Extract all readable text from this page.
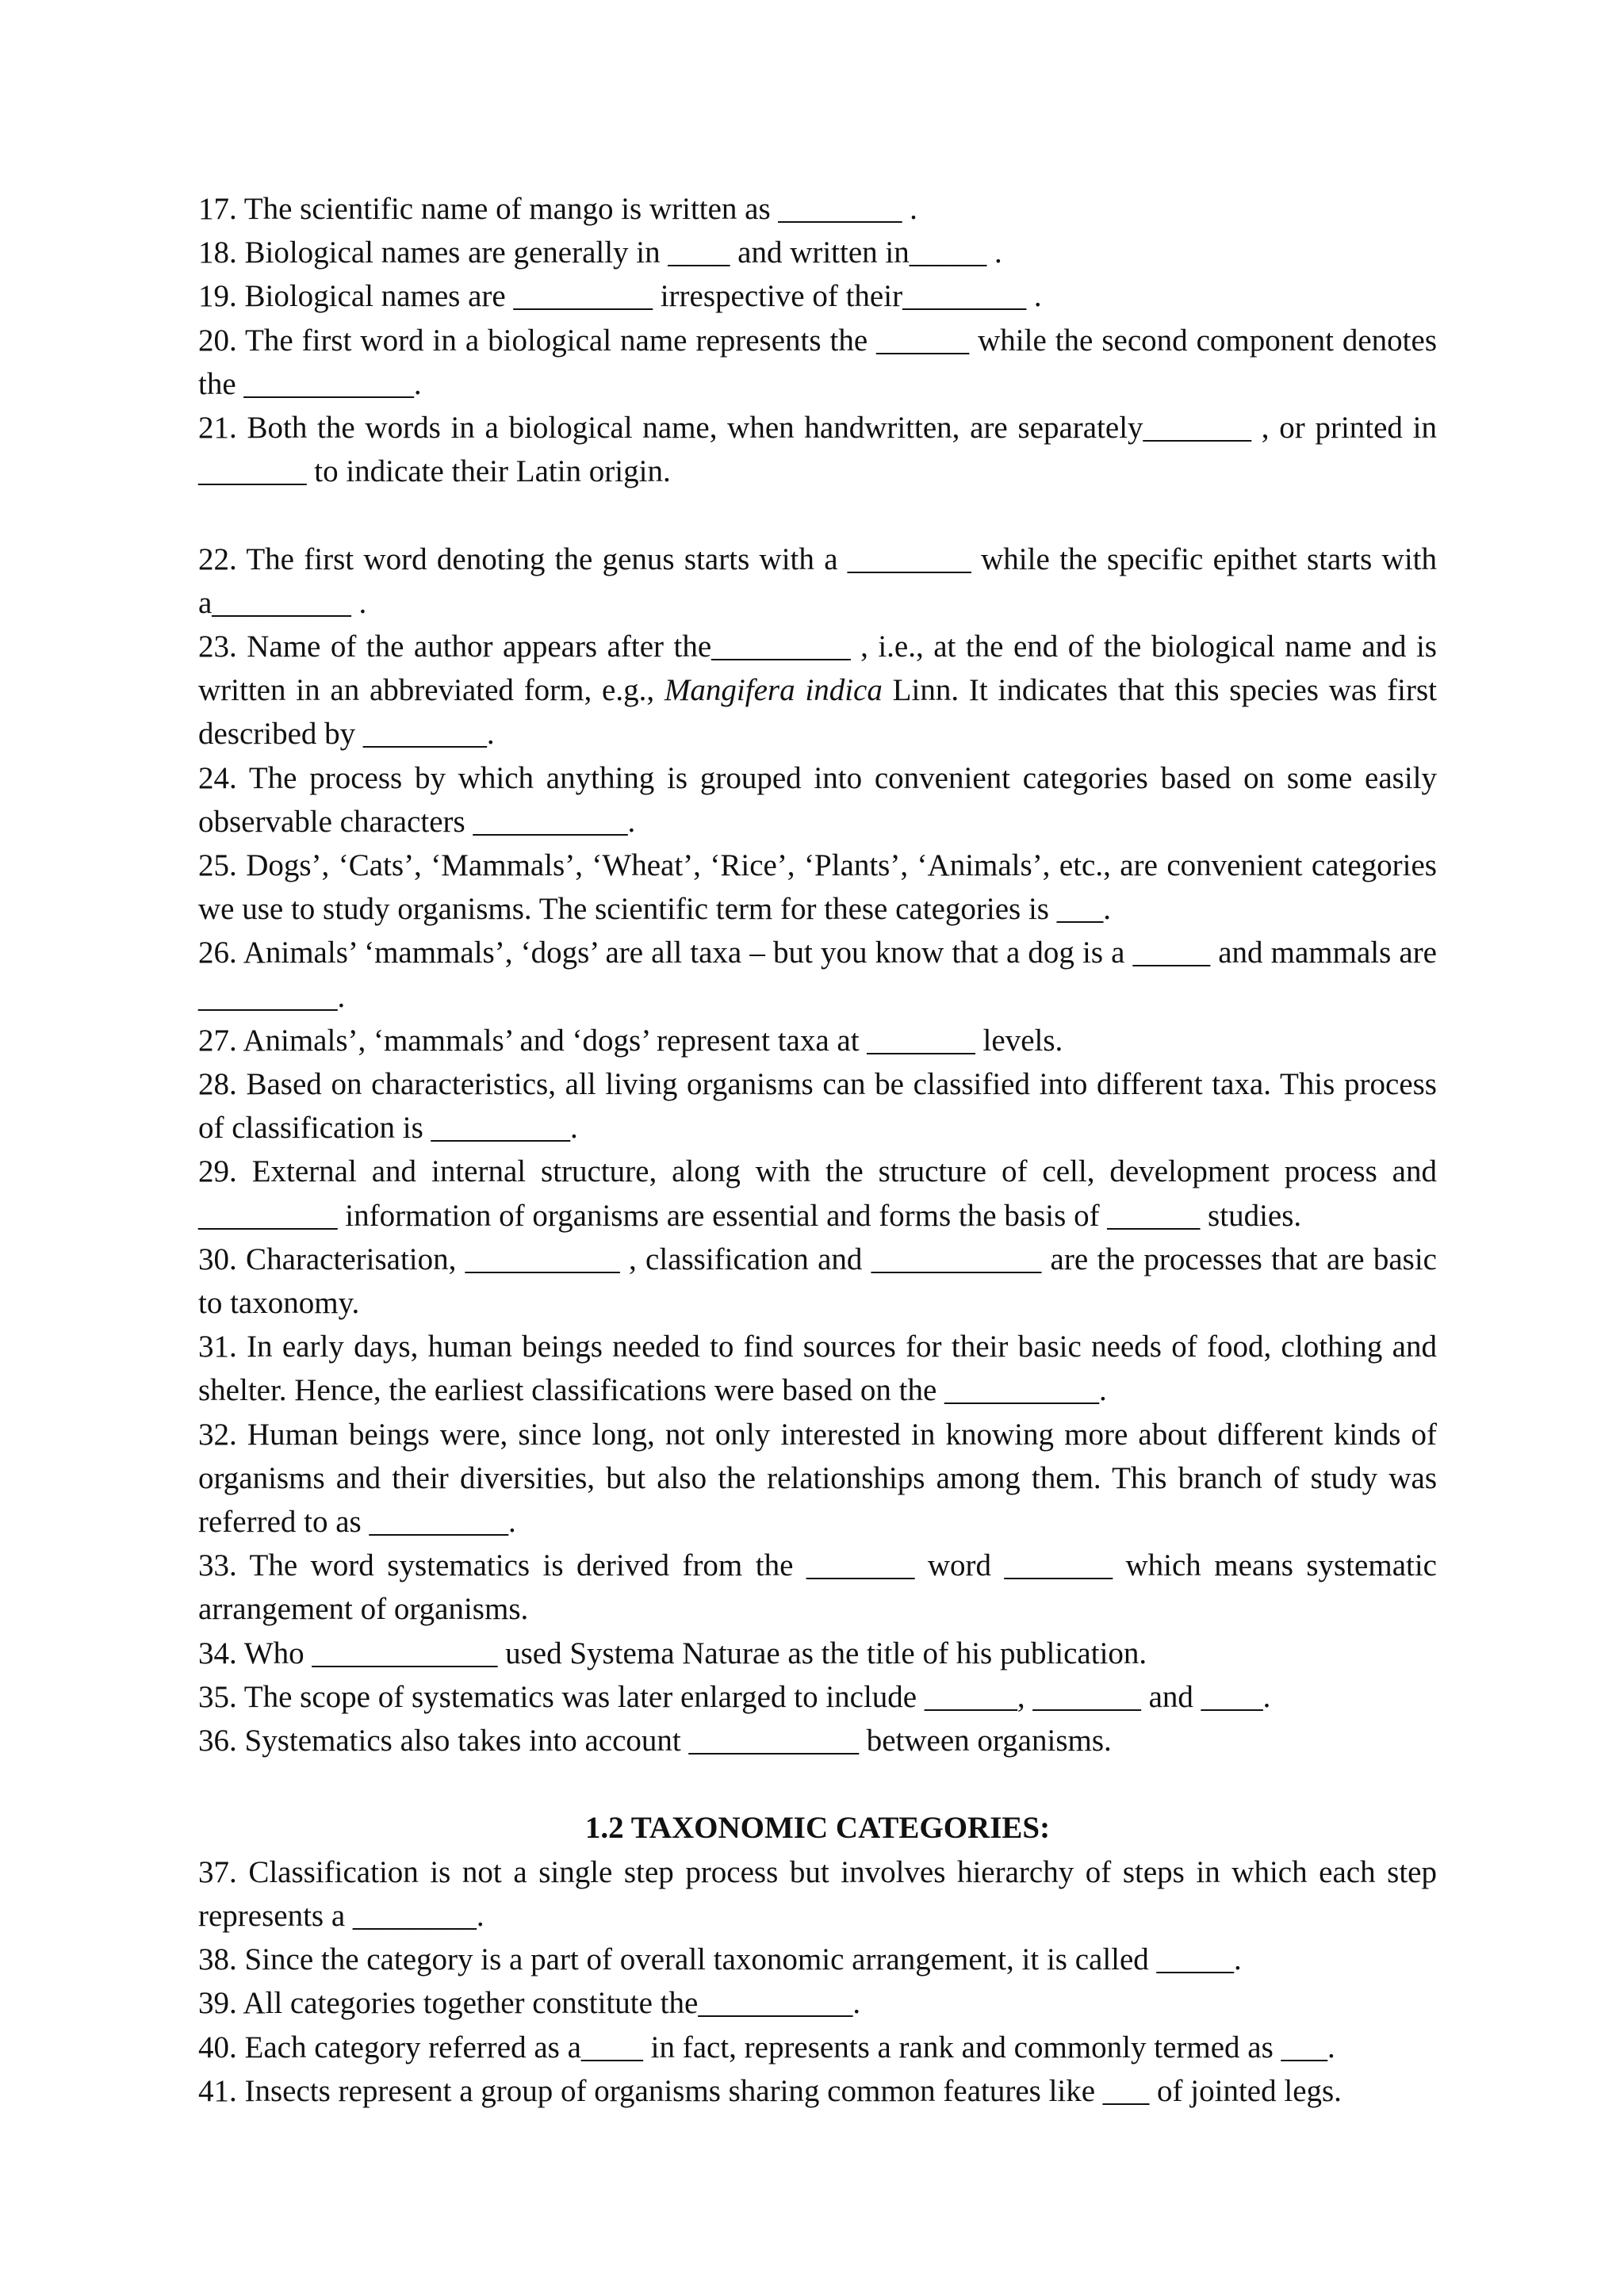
17. The scientific name of mango is written as ________ .

18. Biological names are generally in ____ and written in_____ .

19. Biological names are _________ irrespective of their________ .

20. The first word in a biological name represents the ______ while the second component denotes the ___________.

21. Both the words in a biological name, when handwritten, are separately_______ , or printed in _______ to indicate their Latin origin.

22. The first word denoting the genus starts with a ________ while the specific epithet starts with a_________ .

23. Name of the author appears after the_________ , i.e., at the end of the biological name and is written in an abbreviated form, e.g., Mangifera indica Linn. It indicates that this species was first described by ________.

24. The process by which anything is grouped into convenient categories based on some easily observable characters __________.

25. Dogs’, ‘Cats’, ‘Mammals’, ‘Wheat’, ‘Rice’, ‘Plants’, ‘Animals’, etc., are convenient categories we use to study organisms. The scientific term for these categories is ___.

26. Animals’ ‘mammals’, ‘dogs’ are all taxa – but you know that a dog is a _____ and mammals are _________.

27. Animals’, ‘mammals’ and ‘dogs’ represent taxa at _______ levels.

28. Based on characteristics, all living organisms can be classified into different taxa. This process of classification is _________.

29. External and internal structure, along with the structure of cell, development process and _________ information of organisms are essential and forms the basis of ______ studies.

30. Characterisation, __________ , classification and ___________ are the processes that are basic to taxonomy.

31. In early days, human beings needed to find sources for their basic needs of food, clothing and shelter. Hence, the earliest classifications were based on the __________.

32. Human beings were, since long, not only interested in knowing more about different kinds of organisms and their diversities, but also the relationships among them. This branch of study was referred to as _________.

33. The word systematics is derived from the _______ word _______ which means systematic arrangement of organisms.

34. Who ____________ used Systema Naturae as the title of his publication.

35. The scope of systematics was later enlarged to include ______, _______ and ____.

36. Systematics also takes into account ___________ between organisms.

1.2 TAXONOMIC CATEGORIES:

37. Classification is not a single step process but involves hierarchy of steps in which each step represents a ________.

38. Since the category is a part of overall taxonomic arrangement, it is called _____.

39. All categories together constitute the__________.

40. Each category referred as a____ in fact, represents a rank and commonly termed as ___.

41. Insects represent a group of organisms sharing common features like ___ of jointed legs.
